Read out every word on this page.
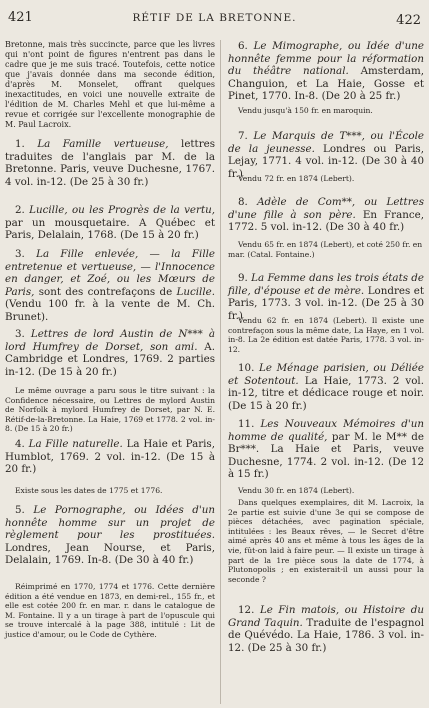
421	RÉTIF DE LA BRETONNE.	422

Bretonne, mais très succincte, parce que les livres qui n'ont point de figures n'entrent pas dans le cadre que je me suis tracé. Toutefois, cette notice que j'avais donnée dans ma seconde édition, d'après M. Monselet, offrant quelques inexactitudes, en voici une nouvelle extraite de l'édition de M. Charles Mehl et que lui-même a revue et corrigée sur l'excellente monographie de M. Paul Lacroix.

1. La Famille vertueuse, lettres traduites de l'anglais par M. de la Bretonne. Paris, veuve Duchesne, 1767. 4 vol. in-12. (De 25 à 30 fr.)

2. Lucille, ou les Progrès de la vertu, par un mousquetaire. A Québec et Paris, Delalain, 1768. (De 15 à 20 fr.)

3. La Fille enlevée, — la Fille entretenue et vertueuse, — l'Innocence en danger, et Zoé, ou les Mœurs de Paris, sont des contrefaçons de Lucille. (Vendu 100 fr. à la vente de M. Ch. Brunet).

3. Lettres de lord Austin de N*** à lord Humfrey de Dorset, son ami. A. Cambridge et Londres, 1769. 2 parties in-12. (De 15 à 20 fr.)

Le même ouvrage a paru sous le titre suivant : la Confidence nécessaire, ou Lettres de mylord Austin de Norfolk à mylord Humfrey de Dorset, par N. E. Rétif-de-la-Bretonne. La Haie, 1769 et 1778. 2 vol. in-8. (De 15 à 20 fr.)

4. La Fille naturelle. La Haie et Paris, Humblot, 1769. 2 vol. in-12. (De 15 à 20 fr.)

Existe sous les dates de 1775 et 1776.

5. Le Pornographe, ou Idées d'un honnête homme sur un projet de règlement pour les prostituées. Londres, Jean Nourse, et Paris, Delalain, 1769. In-8. (De 30 à 40 fr.)

Réimprimé en 1770, 1774 et 1776. Cette dernière édition a été vendue en 1873, en demi-rel., 155 fr., et elle est cotée 200 fr. en mar. r. dans le catalogue de M. Fontaine. Il y a un tirage à part de l'opuscule qui se trouve intercalé à la page 388, intitulé : Lit de justice d'amour, ou le Code de Cythère.

6. Le Mimographe, ou Idée d'une honnête femme pour la réformation du théâtre national. Amsterdam, Changuion, et La Haie, Gosse et Pinet, 1770. In-8. (De 20 à 25 fr.)

Vendu jusqu'à 150 fr. en maroquin.

7. Le Marquis de T***, ou l'École de la jeunesse. Londres ou Paris, Lejay, 1771. 4 vol. in-12. (De 30 à 40 fr.)

Vendu 72 fr. en 1874 (Lebert).

8. Adèle de Com**, ou Lettres d'une fille à son père. En France, 1772. 5 vol. in-12. (De 30 à 40 fr.)

Vendu 65 fr. en 1874 (Lebert), et coté 250 fr. en mar. (Catal. Fontaine.)

9. La Femme dans les trois états de fille, d'épouse et de mère. Londres et Paris, 1773. 3 vol. in-12. (De 25 à 30 fr.)

Vendu 62 fr. en 1874 (Lebert). Il existe une contrefaçon sous la même date, La Haye, en 1 vol. in-8. La 2e édition est datée Paris, 1778. 3 vol. in-12.

10. Le Ménage parisien, ou Déliée et Sotentout. La Haie, 1773. 2 vol. in-12, titre et dédicace rouge et noir. (De 15 à 20 fr.)

11. Les Nouveaux Mémoires d'un homme de qualité, par M. le M** de Br***. La Haie et Paris, veuve Duchesne, 1774. 2 vol. in-12. (De 12 à 15 fr.)

Vendu 30 fr. en 1874 (Lebert).

Dans quelques exemplaires, dit M. Lacroix, la 2e partie est suivie d'une 3e qui se compose de pièces détachées, avec pagination spéciale, intitulées : les Beaux rêves, — le Secret d'être aimé après 40 ans et même à tous les âges de la vie, fût-on laid à faire peur. — Il existe un tirage à part de la 1re pièce sous la date de 1774, à Plutonopolis ; en existerait-il un aussi pour la seconde ?

12. Le Fin matois, ou Histoire du Grand Taquin. Traduite de l'espagnol de Quévédo. La Haie, 1786. 3 vol. in-12. (De 25 à 30 fr.)
